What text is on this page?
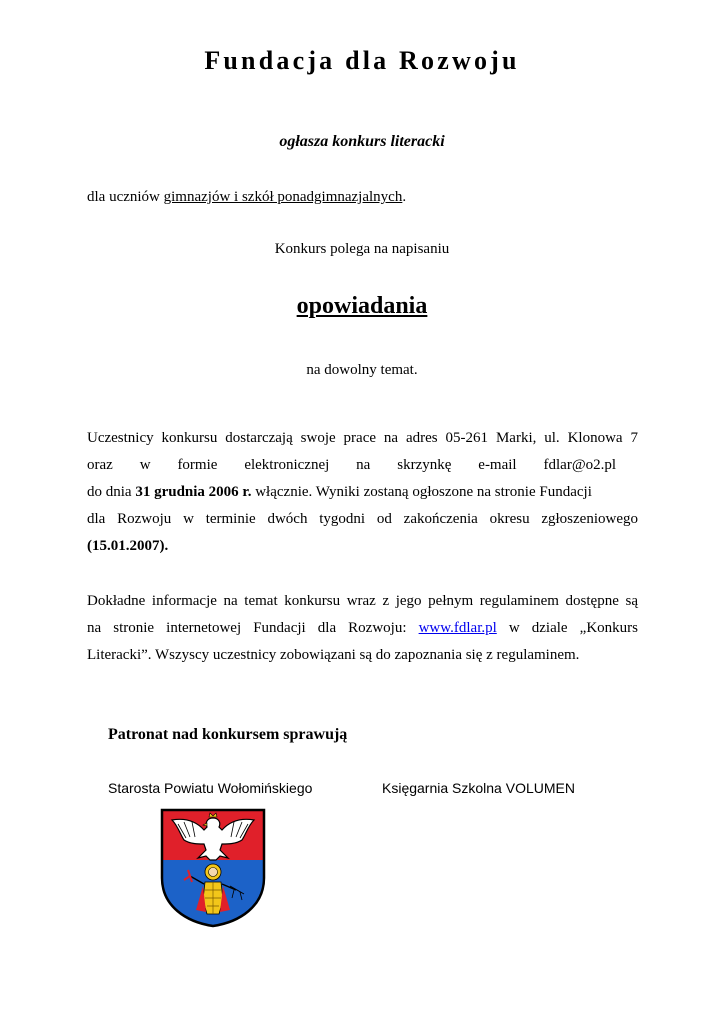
Fundacja dla Rozwoju

ogłasza konkurs literacki

dla uczniów gimnazjów i szkół ponadgimnazjalnych.

Konkurs polega na napisaniu

opowiadania

na dowolny temat.

Uczestnicy konkursu dostarczają swoje prace na adres 05-261 Marki, ul. Klonowa 7
oraz w formie elektronicznej na skrzynkę e-mail fdlar@o2.pl
do dnia 31 grudnia 2006 r. włącznie. Wyniki zostaną ogłoszone na stronie Fundacji
dla Rozwoju w terminie dwóch tygodni od zakończenia okresu zgłoszeniowego
(15.01.2007).
Dokładne informacje na temat konkursu wraz z jego pełnym regulaminem dostępne są
na stronie internetowej Fundacji dla Rozwoju: www.fdlar.pl w dziale „Konkurs
Literacki”. Wszyscy uczestnicy zobowiązani są do zapoznania się z regulaminem.

Patronat nad konkursem sprawują

Starosta Powiatu Wołomińskiego	Księgarnia Szkolna VOLUMEN
